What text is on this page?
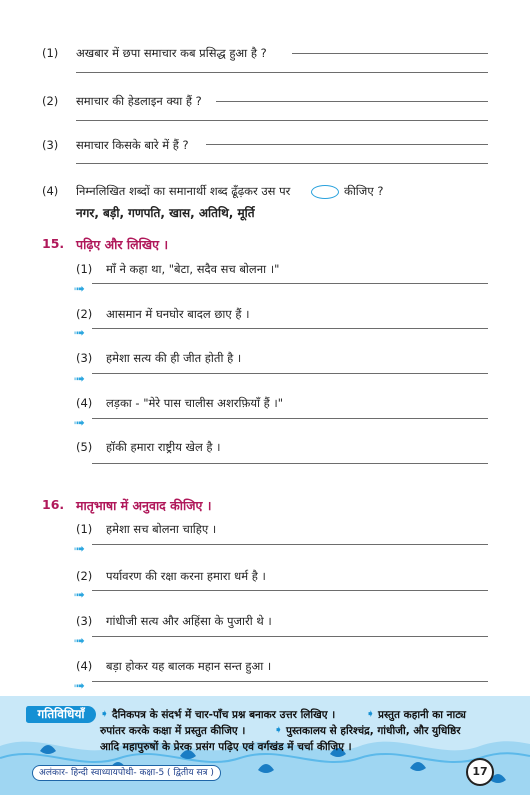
(1) अखबार में छपा समाचार कब प्रसिद्ध हुआ है ?
(2) समाचार की हेडलाइन क्या हैं ?
(3) समाचार किसके बारे में हैं ?
(4) निम्नलिखित शब्दों का समानार्थी शब्द ढूँढ़कर उस पर ○ कीजिए ?
नगर, बड़ी, गणपति, खास, अतिथि, मूर्ति
15. पढ़िए और लिखिए ।
(1) माँ ने कहा था, "बेटा, सदैव सच बोलना ।"
➟
(2) आसमान में घनघोर बादल छाए हैं ।
➟
(3) हमेशा सत्य की ही जीत होती है ।
➟
(4) लड़का - "मेरे पास चालीस अशरफ़ियाँ हैं ।"
➟
(5) हॉकी हमारा राष्ट्रीय खेल है ।
16. मातृभाषा में अनुवाद कीजिए ।
(1) हमेशा सच बोलना चाहिए ।
➟
(2) पर्यावरण की रक्षा करना हमारा धर्म है ।
➟
(3) गांधीजी सत्य और अहिंसा के पुजारी थे ।
➟
(4) बड़ा होकर यह बालक महान सन्त हुआ ।
➟
गतिविधियाँ	➧ दैनिकपत्र के संदर्भ में चार-पाँच प्रश्न बनाकर उत्तर लिखिए ।	➧ प्रस्तुत कहानी का नाट्य
रुपांतर करके कक्षा में प्रस्तुत कीजिए ।	➧ पुस्तकालय से हरिश्चंद्र, गांधीजी, और युधिष्ठिर
आदि महापुरुषों के प्रेरक प्रसंग पढ़िए एवं वर्गखंड में चर्चा कीजिए ।
अलंकार- हिन्दी स्वाध्यायपोथी- कक्षा-5 ( द्वितीय सत्र )	17
